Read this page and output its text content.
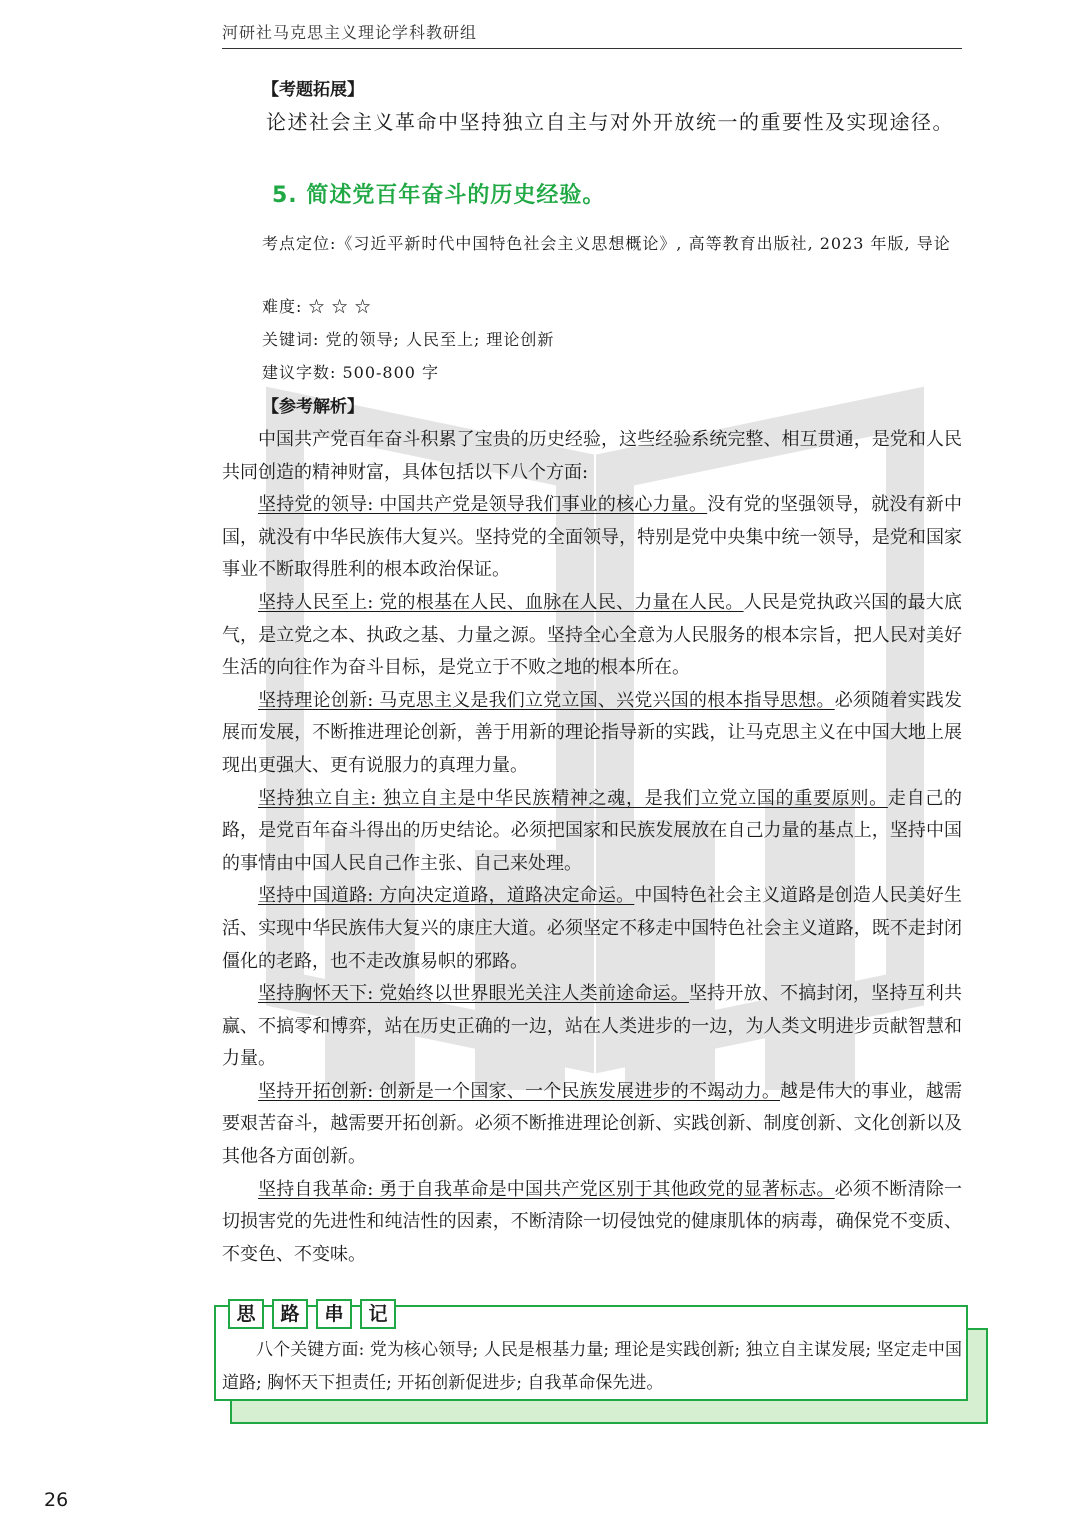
河研社马克思主义理论学科教研组
【考题拓展】
论述社会主义革命中坚持独立自主与对外开放统一的重要性及实现途径。
5. 简述党百年奋斗的历史经验。
考点定位:《习近平新时代中国特色社会主义思想概论》, 高等教育出版社, 2023 年版, 导论
难度: ☆ ☆ ☆
关键词: 党的领导; 人民至上; 理论创新
建议字数: 500-800 字
【参考解析】

中国共产党百年奋斗积累了宝贵的历史经验，这些经验系统完整、相互贯通，是党和人民共同创造的精神财富，具体包括以下八个方面:

坚持党的领导: 中国共产党是领导我们事业的核心力量。没有党的坚强领导，就没有新中国，就没有中华民族伟大复兴。坚持党的全面领导，特别是党中央集中统一领导，是党和国家事业不断取得胜利的根本政治保证。

坚持人民至上: 党的根基在人民、血脉在人民、力量在人民。人民是党执政兴国的最大底气，是立党之本、执政之基、力量之源。坚持全心全意为人民服务的根本宗旨，把人民对美好生活的向往作为奋斗目标，是党立于不败之地的根本所在。

坚持理论创新: 马克思主义是我们立党立国、兴党兴国的根本指导思想。必须随着实践发展而发展，不断推进理论创新，善于用新的理论指导新的实践，让马克思主义在中国大地上展现出更强大、更有说服力的真理力量。

坚持独立自主: 独立自主是中华民族精神之魂，是我们立党立国的重要原则。走自己的路，是党百年奋斗得出的历史结论。必须把国家和民族发展放在自己力量的基点上，坚持中国的事情由中国人民自己作主张、自己来处理。

坚持中国道路: 方向决定道路，道路决定命运。中国特色社会主义道路是创造人民美好生活、实现中华民族伟大复兴的康庄大道。必须坚定不移走中国特色社会主义道路，既不走封闭僵化的老路，也不走改旗易帜的邪路。

坚持胸怀天下: 党始终以世界眼光关注人类前途命运。坚持开放、不搞封闭，坚持互利共赢、不搞零和博弈，站在历史正确的一边，站在人类进步的一边，为人类文明进步贡献智慧和力量。

坚持开拓创新: 创新是一个国家、一个民族发展进步的不竭动力。越是伟大的事业，越需要艰苦奋斗，越需要开拓创新。必须不断推进理论创新、实践创新、制度创新、文化创新以及其他各方面创新。

坚持自我革命: 勇于自我革命是中国共产党区别于其他政党的显著标志。必须不断清除一切损害党的先进性和纯洁性的因素，不断清除一切侵蚀党的健康肌体的病毒，确保党不变质、不变色、不变味。

思	路	串	记

八个关键方面: 党为核心领导; 人民是根基力量; 理论是实践创新; 独立自主谋发展; 坚定走中国道路; 胸怀天下担责任; 开拓创新促进步; 自我革命保先进。

26
